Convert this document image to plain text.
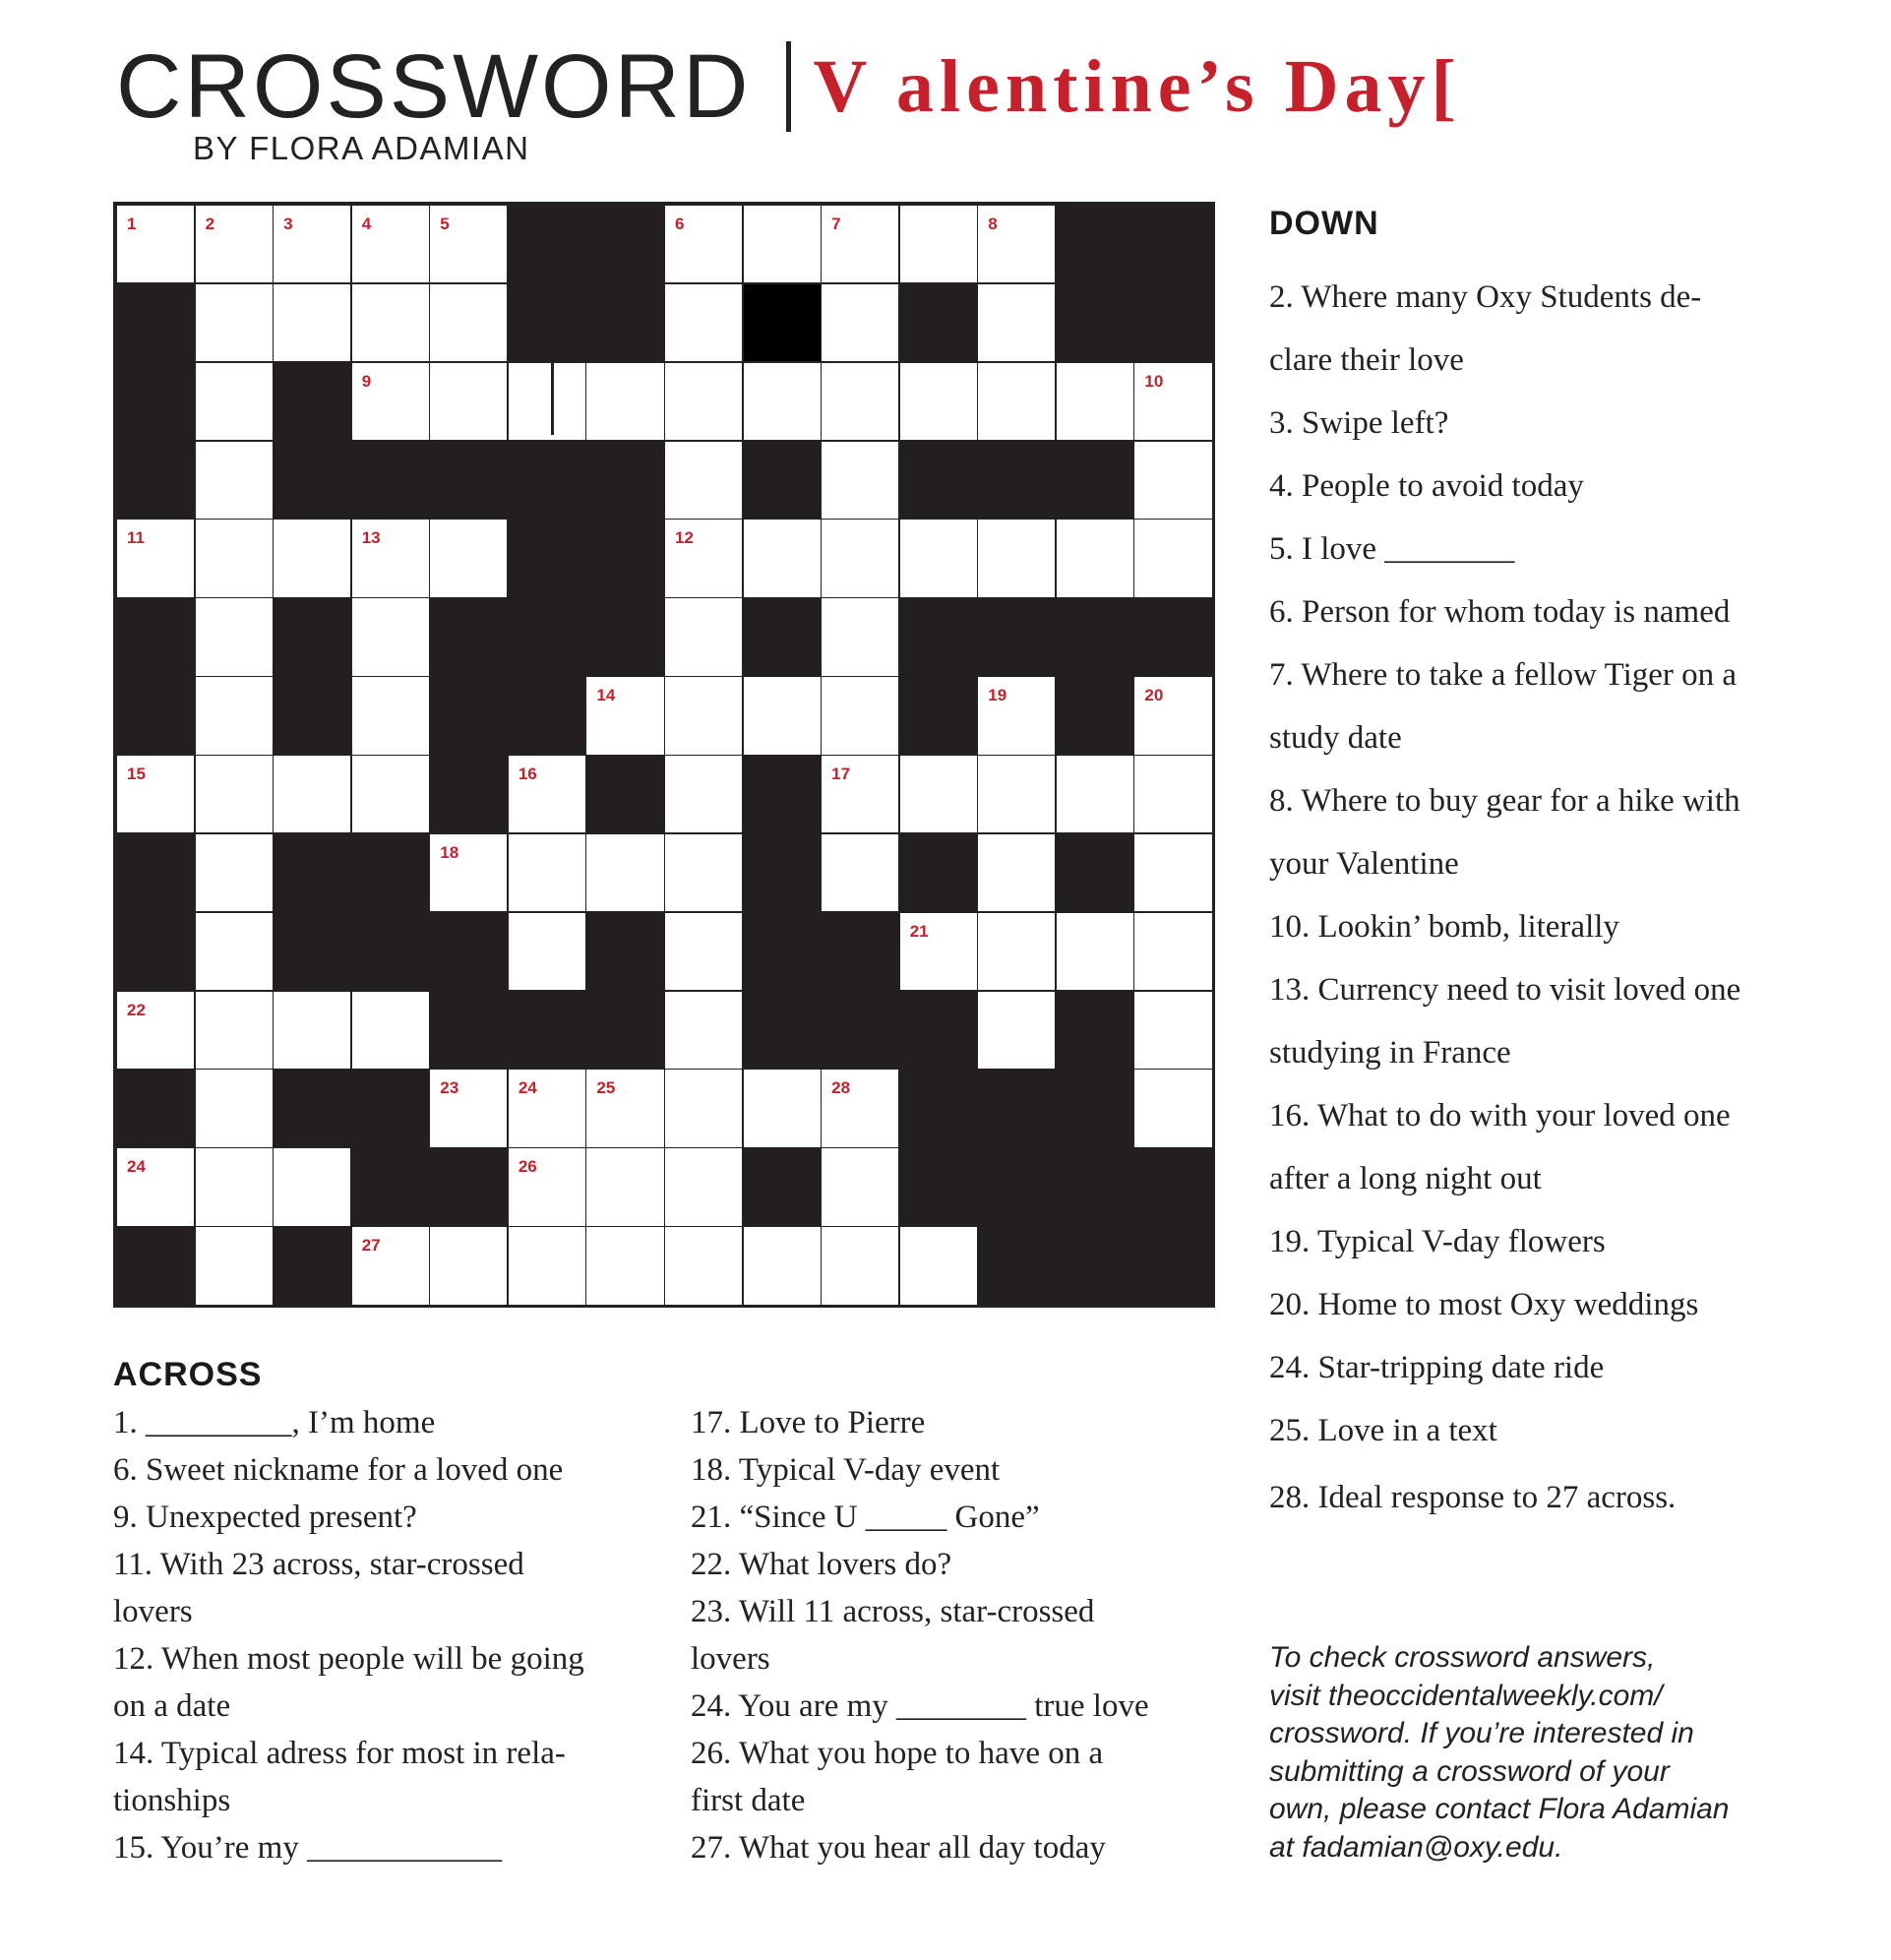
CROSSWORD V alentine’s Day[
BY FLORA ADAMIAN
1	2	3	4	5	6	7	8
9	10
11	13	12
14	19	20
15	16	17
18
21
22
23	24	25	28
24	26
27
DOWN

2. Where many Oxy Students de-

clare their love

3. Swipe left?

4. People to avoid today

5. I love ________

6. Person for whom today is named

7. Where to take a fellow Tiger on a

study date

8. Where to buy gear for a hike with

your Valentine

10. Lookin’ bomb, literally

13. Currency need to visit loved one

studying in France

16. What to do with your loved one

after a long night out

19. Typical V-day flowers

20. Home to most Oxy weddings

24. Star-tripping date ride

25. Love in a text

28. Ideal response to 27 across.

ACROSS

1. _________, I’m home

6. Sweet nickname for a loved one

9. Unexpected present?

11. With 23 across, star-crossed

lovers

12. When most people will be going

on a date

14. Typical adress for most in rela-

tionships

15. You’re my ____________

17. Love to Pierre

18. Typical V-day event

21. “Since U _____ Gone”

22. What lovers do?

23. Will 11 across, star-crossed

lovers

24. You are my ________ true love

26. What you hope to have on a

first date

27. What you hear all day today

To check crossword answers,
visit theoccidentalweekly.com/
crossword. If you’re interested in
submitting a crossword of your
own, please contact Flora Adamian
at fadamian@oxy.edu.
